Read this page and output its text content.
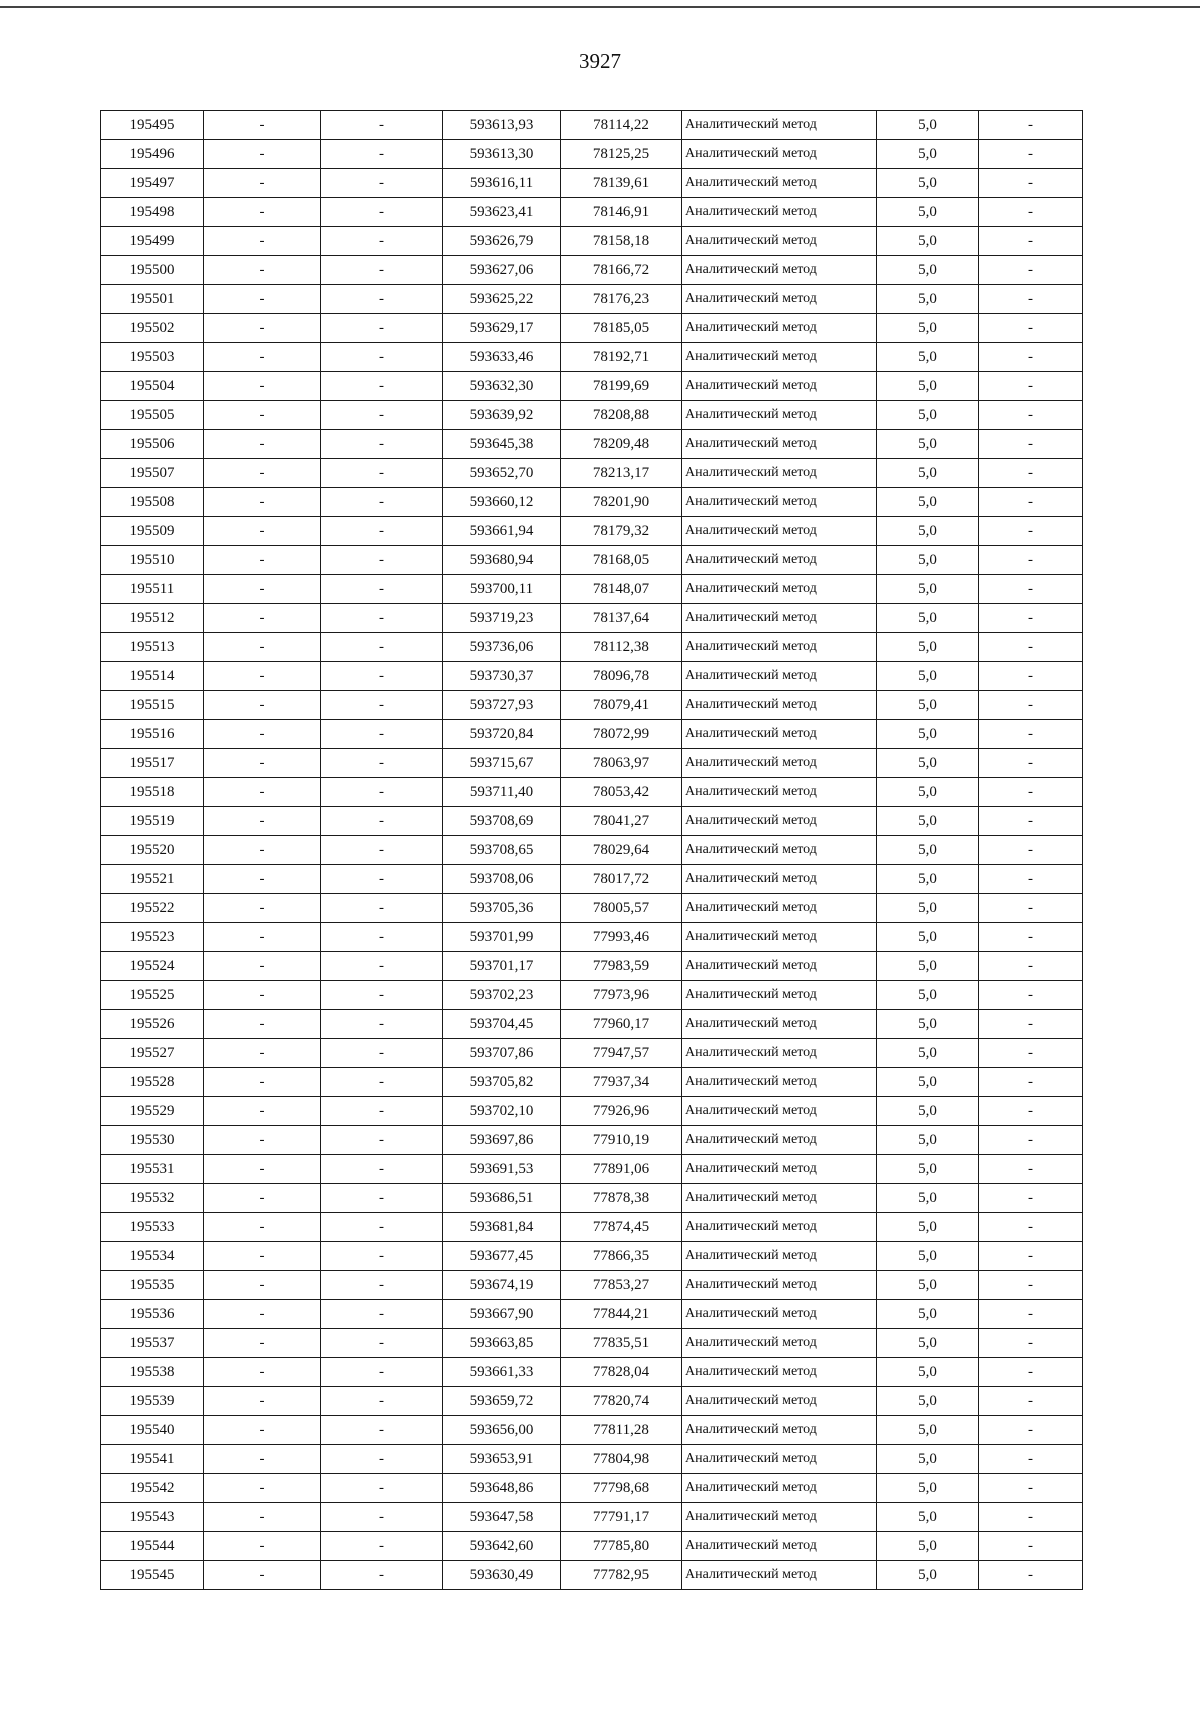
3927
195495	-	-	593613,93	78114,22	Аналитический метод	5,0	-
195496	-	-	593613,30	78125,25	Аналитический метод	5,0	-
195497	-	-	593616,11	78139,61	Аналитический метод	5,0	-
195498	-	-	593623,41	78146,91	Аналитический метод	5,0	-
195499	-	-	593626,79	78158,18	Аналитический метод	5,0	-
195500	-	-	593627,06	78166,72	Аналитический метод	5,0	-
195501	-	-	593625,22	78176,23	Аналитический метод	5,0	-
195502	-	-	593629,17	78185,05	Аналитический метод	5,0	-
195503	-	-	593633,46	78192,71	Аналитический метод	5,0	-
195504	-	-	593632,30	78199,69	Аналитический метод	5,0	-
195505	-	-	593639,92	78208,88	Аналитический метод	5,0	-
195506	-	-	593645,38	78209,48	Аналитический метод	5,0	-
195507	-	-	593652,70	78213,17	Аналитический метод	5,0	-
195508	-	-	593660,12	78201,90	Аналитический метод	5,0	-
195509	-	-	593661,94	78179,32	Аналитический метод	5,0	-
195510	-	-	593680,94	78168,05	Аналитический метод	5,0	-
195511	-	-	593700,11	78148,07	Аналитический метод	5,0	-
195512	-	-	593719,23	78137,64	Аналитический метод	5,0	-
195513	-	-	593736,06	78112,38	Аналитический метод	5,0	-
195514	-	-	593730,37	78096,78	Аналитический метод	5,0	-
195515	-	-	593727,93	78079,41	Аналитический метод	5,0	-
195516	-	-	593720,84	78072,99	Аналитический метод	5,0	-
195517	-	-	593715,67	78063,97	Аналитический метод	5,0	-
195518	-	-	593711,40	78053,42	Аналитический метод	5,0	-
195519	-	-	593708,69	78041,27	Аналитический метод	5,0	-
195520	-	-	593708,65	78029,64	Аналитический метод	5,0	-
195521	-	-	593708,06	78017,72	Аналитический метод	5,0	-
195522	-	-	593705,36	78005,57	Аналитический метод	5,0	-
195523	-	-	593701,99	77993,46	Аналитический метод	5,0	-
195524	-	-	593701,17	77983,59	Аналитический метод	5,0	-
195525	-	-	593702,23	77973,96	Аналитический метод	5,0	-
195526	-	-	593704,45	77960,17	Аналитический метод	5,0	-
195527	-	-	593707,86	77947,57	Аналитический метод	5,0	-
195528	-	-	593705,82	77937,34	Аналитический метод	5,0	-
195529	-	-	593702,10	77926,96	Аналитический метод	5,0	-
195530	-	-	593697,86	77910,19	Аналитический метод	5,0	-
195531	-	-	593691,53	77891,06	Аналитический метод	5,0	-
195532	-	-	593686,51	77878,38	Аналитический метод	5,0	-
195533	-	-	593681,84	77874,45	Аналитический метод	5,0	-
195534	-	-	593677,45	77866,35	Аналитический метод	5,0	-
195535	-	-	593674,19	77853,27	Аналитический метод	5,0	-
195536	-	-	593667,90	77844,21	Аналитический метод	5,0	-
195537	-	-	593663,85	77835,51	Аналитический метод	5,0	-
195538	-	-	593661,33	77828,04	Аналитический метод	5,0	-
195539	-	-	593659,72	77820,74	Аналитический метод	5,0	-
195540	-	-	593656,00	77811,28	Аналитический метод	5,0	-
195541	-	-	593653,91	77804,98	Аналитический метод	5,0	-
195542	-	-	593648,86	77798,68	Аналитический метод	5,0	-
195543	-	-	593647,58	77791,17	Аналитический метод	5,0	-
195544	-	-	593642,60	77785,80	Аналитический метод	5,0	-
195545	-	-	593630,49	77782,95	Аналитический метод	5,0	-
